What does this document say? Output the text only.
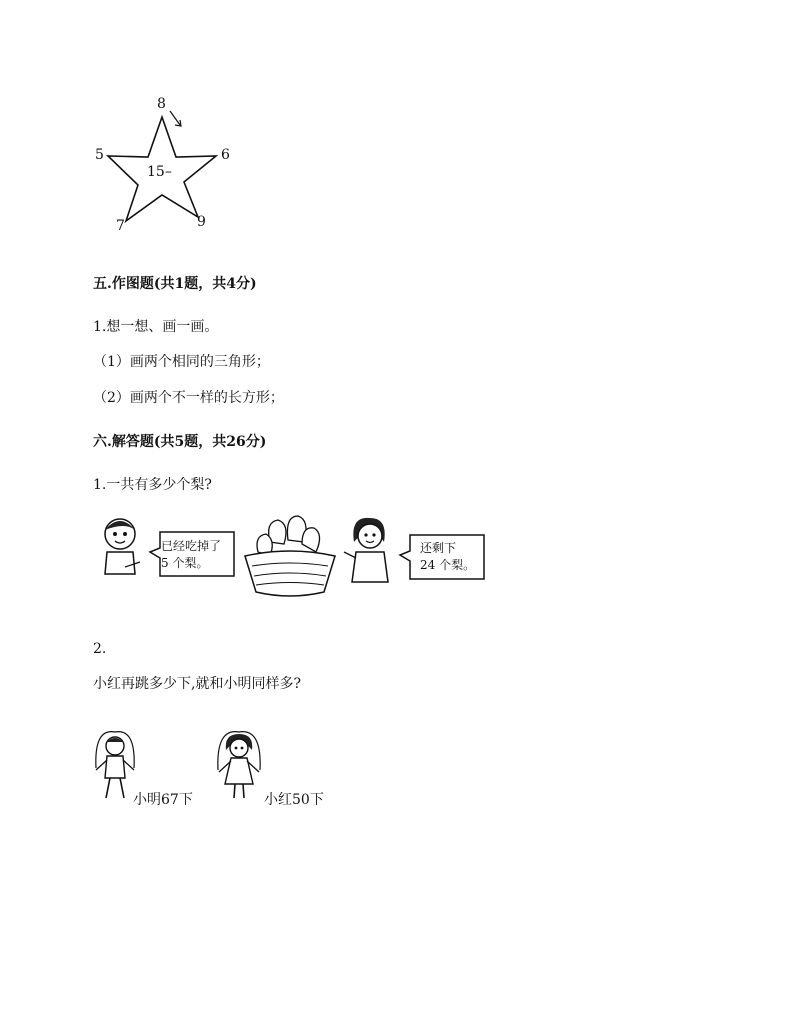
8
5	6
7	9
15–
五.作图题(共1题，共4分)
1.想一想、画一画。
（1）画两个相同的三角形；
（2）画两个不一样的长方形；
六.解答题(共5题，共26分)
1.一共有多少个梨?
已经吃掉了
5 个梨。
还剩下
24 个梨。
2.
小红再跳多少下,就和小明同样多?
小明67下	小红50下
